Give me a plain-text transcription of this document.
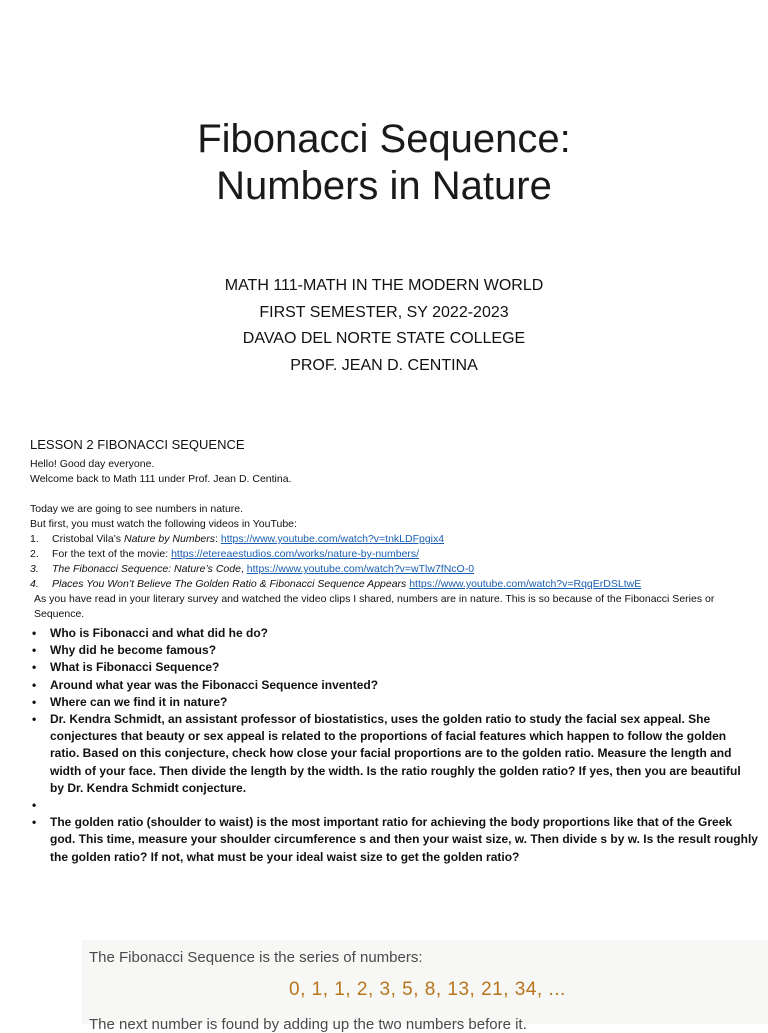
Fibonacci Sequence:
Numbers in Nature
MATH 111-MATH IN THE MODERN WORLD
FIRST SEMESTER, SY 2022-2023
DAVAO DEL NORTE STATE COLLEGE
PROF. JEAN D. CENTINA
LESSON 2 FIBONACCI SEQUENCE
Hello! Good day everyone.
Welcome back to Math 111 under Prof. Jean D. Centina.
Today we are going to see numbers in nature.
But first, you must watch the following videos in YouTube:
1. Cristobal Vila’s Nature by Numbers: https://www.youtube.com/watch?v=tnkLDFpgix4
2. For the text of the movie: https://etereaestudios.com/works/nature-by-numbers/
3. The Fibonacci Sequence: Nature’s Code, https://www.youtube.com/watch?v=wTlw7fNcO-0
4. Places You Won’t Believe The Golden Ratio & Fibonacci Sequence Appears https://www.youtube.com/watch?v=RqqErDSLtwE
As you have read in your literary survey and watched the video clips I shared, numbers are in nature. This is so because of the Fibonacci Series or Sequence.
• Who is Fibonacci and what did he do?
• Why did he become famous?
• What is Fibonacci Sequence?
• Around what year was the Fibonacci Sequence invented?
• Where can we find it in nature?
• Dr. Kendra Schmidt, an assistant professor of biostatistics, uses the golden ratio to study the facial sex appeal. She conjectures that beauty or sex appeal is related to the proportions of facial features which happen to follow the golden ratio. Based on this conjecture, check how close your facial proportions are to the golden ratio. Measure the length and width of your face. Then divide the length by the width. Is the ratio roughly the golden ratio? If yes, then you are beautiful by Dr. Kendra Schmidt conjecture.
•
• The golden ratio (shoulder to waist) is the most important ratio for achieving the body proportions like that of the Greek god. This time, measure your shoulder circumference s and then your waist size, w. Then divide s by w. Is the result roughly the golden ratio? If not, what must be your ideal waist size to get the golden ratio?
The Fibonacci Sequence is the series of numbers:
0, 1, 1, 2, 3, 5, 8, 13, 21, 34, ...
The next number is found by adding up the two numbers before it.
